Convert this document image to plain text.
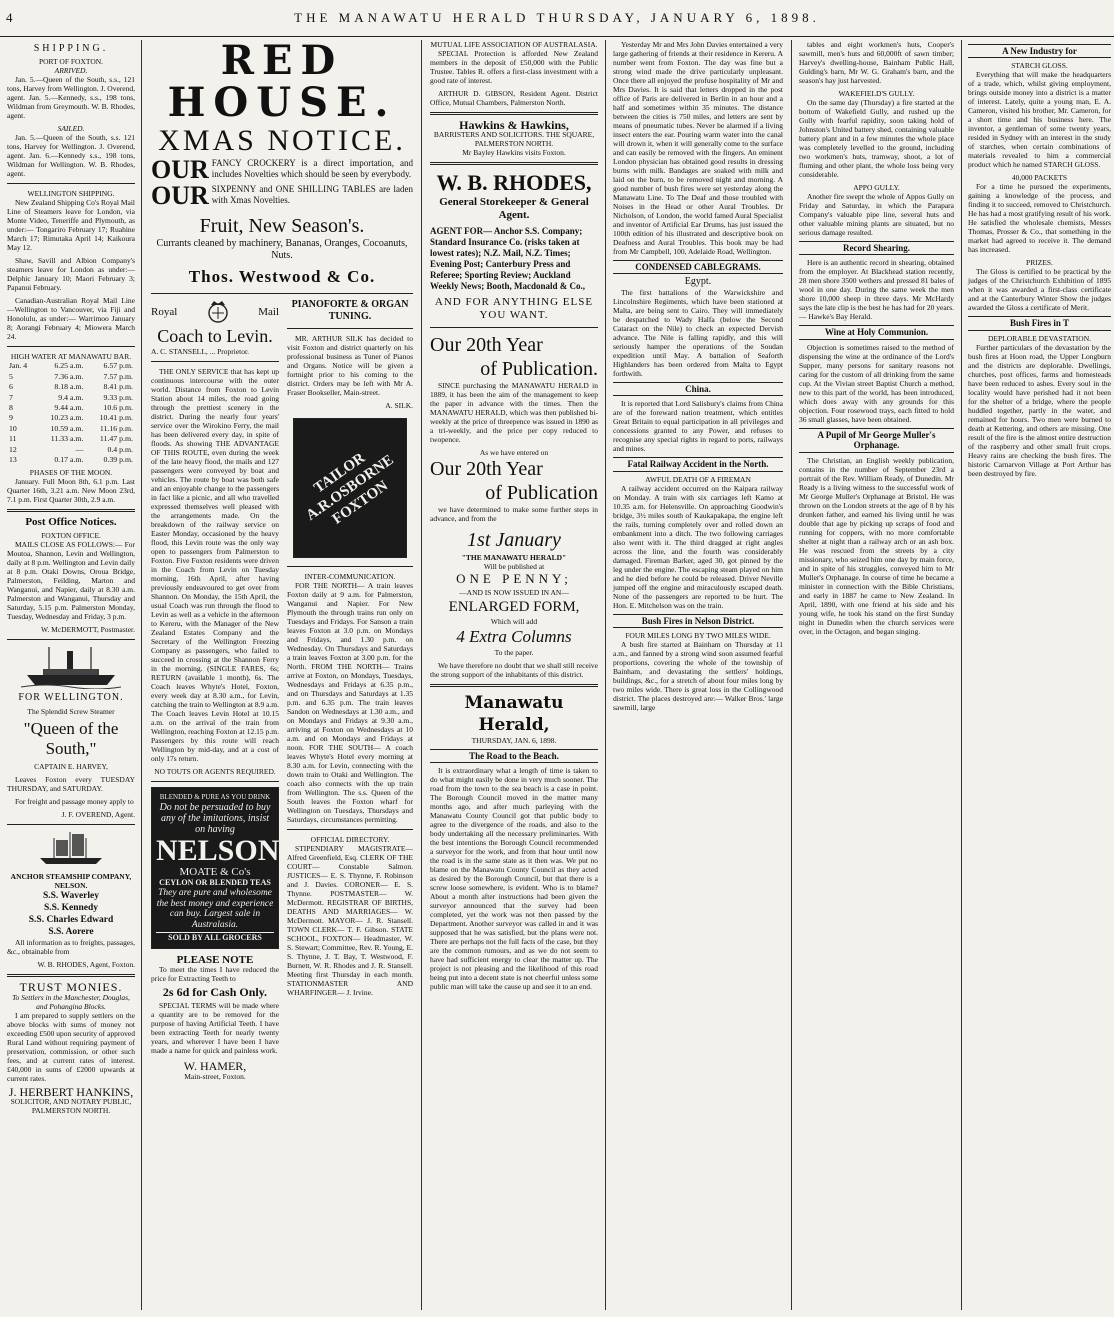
4	THE MANAWATU HERALD THURSDAY, JANUARY 6, 1898.
SHIPPING.
PORT OF FOXTON.
ARRIVED.

Jan. 5.—Queen of the South, s.s., 121 tons, Harvey from Wellington. J. Overend, agent. Jan. 5.—Kennedy, s.s., 198 tons, Wildman from Greymouth. W. B. Rhodes, agent.

SAILED.

Jan. 5.—Queen of the South, s.s. 121 tons, Harvey for Wellington. J. Overend, agent. Jan. 6.—Kennedy s.s., 198 tons, Wildman for Wellington. W. B. Rhodes, agent.

WELLINGTON SHIPPING.

New Zealand Shipping Co's Royal Mail Line of Steamers leave for London, via Monte Video, Teneriffe and Plymouth, as under:— Tongariro February 17; Ruahine March 17; Rimutaka April 14; Kaikoura May 12.

Shaw, Savill and Albion Company's steamers leave for London as under:— Delphic January 10; Maori February 3; Papanui February.

Canadian-Australian Royal Mail Line—Wellington to Vancouver, via Fiji and Honolulu, as under:— Warrimoo January 8; Aorangi February 4; Miowera March 24.

HIGH WATER AT MANAWATU BAR.
Jan. 4	6.25 a.m.	6.57 p.m.
5	7.36 a.m.	7.57 p.m.
6	8.18 a.m.	8.41 p.m.
7	9.4 a.m.	9.33 p.m.
8	9.44 a.m.	10.6 p.m.
9	10.23 a.m.	10.41 p.m.
10	10.59 a.m.	11.16 p.m.
11	11.33 a.m.	11.47 p.m.
12	—	0.4 p.m.
13	0.17 a.m.	0.39 p.m.
PHASES OF THE MOON.

January. Full Moon 8th, 6.1 p.m. Last Quarter 16th, 3.21 a.m. New Moon 23rd, 7.1 p.m. First Quarter 30th, 2.9 a.m.

Post Office Notices.
FOXTON OFFICE.

MAILS CLOSE AS FOLLOWS:— For Moutoa, Shannon, Levin and Wellington, daily at 8 p.m. Wellington and Levin daily at 8 p.m. Otaki Downs, Oroua Bridge, Palmerston, Feilding, Marton and Wanganui, and Napier, daily at 8.30 a.m. Palmerston and Wanganui, Thursday and Saturday, 5.15 p.m. Palmerston Monday, Tuesday, Wednesday and Friday, 3 p.m.

W. McDERMOTT, Postmaster.
FOR WELLINGTON.
The Splendid Screw Steamer
"Queen of the South,"
CAPTAIN E. HARVEY,

Leaves Foxton every TUESDAY THURSDAY, and SATURDAY.

For freight and passage money apply to

J. F. OVEREND, Agent.
ANCHOR STEAMSHIP COMPANY, NELSON.
S.S. Waverley
S.S. Kennedy
S.S. Charles Edward
S.S. Aorere

All information as to freights, passages, &c., obtainable from

W. B. RHODES, Agent, Foxton.
TRUST MONIES.
To Settlers in the Manchester, Douglas, and Pohangina Blocks.

I am prepared to supply settlers on the above blocks with sums of money not exceeding £500 upon security of approved Rural Land without requiring payment of preservation, commission, or other such fees, and at current rates of interest. £40,000 in sums of £2000 upwards at current rates.

J. HERBERT HANKINS,
SOLICITOR, AND NOTARY PUBLIC, PALMERSTON NORTH.
RED HOUSE.
XMAS NOTICE.

OUR FANCY CROCKERY is a direct importation, and includes Novelties which should be seen by everybody.

OUR SIXPENNY and ONE SHILLING TABLES are laden with Xmas Novelties.

Fruit, New Season's.
Currants cleaned by machinery, Bananas, Oranges, Cocoanuts, Nuts.
Thos. Westwood & Co.
Royal	Mail
Coach to Levin.
A. C. STANSELL, ... Proprietor.

THE ONLY SERVICE that has kept up continuous intercourse with the outer world. Distance from Foxton to Levin Station about 14 miles, the road going through the prettiest scenery in the district. During the nearly four years' service over the Wirokino Ferry, the mail has been delivered every day, in spite of floods. As showing THE ADVANTAGE OF THIS ROUTE, even during the week of the late heavy flood, the mails and 127 passengers were conveyed by boat and vehicles. The route by boat was both safe and an enjoyable change to the passengers in fact like a picnic, and all who travelled expressed themselves well pleased with the arrangements made. On the breakdown of the railway service on Easter Monday, occasioned by the heavy flood, this Levin route was the only way open to passengers from Palmerston to Foxton. Five Foxton residents were driven in the Coach from Levin on Tuesday morning, 16th April, after having previously endeavoured to get over from Shannon. On Monday, the 15th April, the usual Coach was run through the flood to Levin as well as a vehicle in the afternoon to Kereru, with the Manager of the New Zealand Estates Company and the Secretary of the Wellington Freezing Company as passengers, who failed to succeed in crossing at the Shannon Ferry in the morning. (SINGLE FARES, 6s; RETURN (available 1 month), 6s. The Coach leaves Whyte's Hotel, Foxton, every week day at 8.30 a.m., for Levin, catching the train to Wellington at 8.9 a.m. The Coach leaves Levin Hotel at 10.15 a.m. on the arrival of the train from Wellington, reaching Foxton at 12.15 p.m. Passengers by this route will reach Wellington by mid-day, and at a cost of only 17s return.

NO TOUTS OR AGENTS REQUIRED.
BLENDED & PURE AS YOU DRINK
Do not be persuaded to buy any of the imitations, insist on having
NELSON
MOATE & Co's
CEYLON OR BLENDED TEAS
They are pure and wholesome the best money and experience can buy. Largest sale in Australasia.
SOLD BY ALL GROCERS
PLEASE NOTE

To meet the times I have reduced the price for Extracting Teeth to

2s 6d for Cash Only.

SPECIAL TERMS will be made where a quantity are to be removed for the purpose of having Artificial Teeth. I have been extracting Teeth for nearly twenty years, and wherever I have been I have made a name for quick and painless work.

W. HAMER,
Main-street, Foxton.
PIANOFORTE & ORGAN TUNING.

MR. ARTHUR SILK has decided to visit Foxton and district quarterly on his professional business as Tuner of Pianos and Organs. Notice will be given a fortnight prior to his coming to the district. Orders may be left with Mr A. Fraser Bookseller, Main-street.

A. SILK.
TAILOR A.R.OSBORNE FOXTON
INTER-COMMUNICATION.

FOR THE NORTH— A train leaves Foxton daily at 9 a.m. for Palmerston, Wanganui and Napier. For New Plymouth the through trains run only on Tuesdays and Fridays. For Sanson a train leaves Foxton at 3.0 p.m. on Mondays and Fridays, and 1.30 p.m. on Wednesday. On Thursdays and Saturdays a train leaves Foxton at 3.00 p.m. for the North. FROM THE NORTH— Trains arrive at Foxton, on Mondays, Tuesdays, Wednesdays and Fridays at 6.35 p.m., and on Thursdays and Saturdays at 1.35 p.m. and 6.35 p.m. The train leaves Sandon on Wednesdays at 1.30 a.m., and on Mondays and Fridays at 9.30 a.m., arriving at Foxton on Wednesdays at 10 a.m. and on Mondays and Fridays at noon. FOR THE SOUTH— A coach leaves Whyte's Hotel every morning at 8.30 a.m. for Levin, connecting with the down train to Otaki and Wellington. The coach also connects with the up train from Wellington. The s.s. Queen of the South leaves the Foxton wharf for Wellington on Tuesdays, Thursdays and Saturdays, circumstances permitting.

OFFICIAL DIRECTORY.

STIPENDIARY MAGISTRATE— Alfred Greenfield, Esq. CLERK OF THE COURT— Constable Salmon. JUSTICES— E. S. Thynne, F. Robinson and J. Davies. CORONER— E. S. Thynne. POSTMASTER— W. McDermott. REGISTRAR OF BIRTHS, DEATHS AND MARRIAGES— W. McDermott. MAYOR— J. R. Stansell. TOWN CLERK— T. F. Gibson. STATE SCHOOL, FOXTON— Headmaster, W. S. Stewart; Committee, Rev. R. Young, E. S. Thynne, J. T. Bay, T. Westwood, F. Burnett, W. R. Rhodes and J. R. Stansell. Meeting first Thursday in each month. STATIONMASTER AND WHARFINGER— J. Irvine.

MUTUAL LIFE ASSOCIATION OF AUSTRALASIA.

SPECIAL Protection is afforded New Zealand members in the deposit of £50,000 with the Public Trustee. Tables R. offers a first-class investment with a good rate of interest.

ARTHUR D. GIBSON, Resident Agent. District Office, Mutual Chambers, Palmerston North.

Hawkins & Hawkins,
BARRISTERS AND SOLICITORS. THE SQUARE, PALMERSTON NORTH.
Mr Bayley Hawkins visits Foxton.
W. B. RHODES,
General Storekeeper & General Agent.
AGENT FOR— Anchor S.S. Company; Standard Insurance Co. (risks taken at lowest rates); N.Z. Mail, N.Z. Times; Evening Post; Canterbury Press and Referee; Sporting Review; Auckland Weekly News; Booth, Macdonald & Co.,
AND FOR ANYTHING ELSE YOU WANT.
Our 20th Year
of Publication.

SINCE purchasing the MANAWATU HERALD in 1889, it has been the aim of the management to keep the paper in advance with the times. Then the MANAWATU HERALD, which was then published bi-weekly at the price of threepence was issued in 1890 as a tri-weekly, and the price per copy reduced to twopence.

As we have entered on
Our 20th Year
of Publication

we have determined to make some further steps in advance, and from the

1st January
"THE MANAWATU HERALD"
Will be published at
ONE PENNY;
—AND IS NOW ISSUED IN AN—
ENLARGED FORM,
Which will add
4 Extra Columns
To the paper.

We have therefore no doubt that we shall still receive the strong support of the inhabitants of this district.

Manawatu Herald,
THURSDAY, JAN. 6, 1898.
The Road to the Beach.

It is extraordinary what a length of time is taken to do what might easily be done in very much sooner. The road from the town to the sea beach is a case in point. The Borough Council moved in the matter many months ago, and after much parleying with the Manawatu County Council got that public body to agree to the divergence of the roads, and also to the body undertaking all the necessary preliminaries. With the best intentions the Borough Council recommended a surveyor for the work, and from that hour until now the road is in the same state as it then was. We put no blame on the Manawatu County Council as they acted as desired by the Borough Council, but that there is a screw loose somewhere, is evident. Who is to blame? About a month after instructions had been given the surveyor announced that the survey had been completed, yet the work was not then passed by the Department. Another surveyor was called in and it was supposed that he was satisfied, but the plans were not. There are perhaps not the full facts of the case, but they are the common rumours, and as we do not seem to have had sufficient energy to clear the matter up. The project is not pleasing and the likelihood of this road being put into a decent state is not cheerful unless some public man will take the cause up and see it to an end.

Yesterday Mr and Mrs John Davies entertained a very large gathering of friends at their residence in Kereru. A number went from Foxton. The day was fine but a strong wind made the drive particularly unpleasant. Once there all enjoyed the profuse hospitality of Mr and Mrs Davies. It is said that letters dropped in the post office of Paris are delivered in Berlin in an hour and a half and sometimes within 35 minutes. The distance between the cities is 750 miles, and letters are sent by means of pneumatic tubes. Never be alarmed if a living insect enters the ear. Pouring warm water into the canal will drown it, when it will generally come to the surface and can easily be removed with the fingers. An eminent London physician has obtained good results in dressing burns with milk. Bandages are soaked with milk and laid on the burn, to be removed night and morning. A good number of bush fires were set yesterday along the Manawatu Line. To The Deaf and those troubled with Noises in the Head or other Aural Troubles. Dr Nicholson, of London, the world famed Aural Specialist and inventor of Artificial Ear Drums, has just issued the 100th edition of his illustrated and descriptive book on Deafness and Aural Troubles. This book may be had from Mr Campbell, 100, Adelaide Road, Wellington.

CONDENSED CABLEGRAMS.
Egypt.

The first battalions of the Warwickshire and Lincolnshire Regiments, which have been stationed at Malta, are being sent to Cairo. They will immediately be despatched to Wady Halfa (below the Second Cataract on the Nile) to check an expected Dervish advance. The Nile is falling rapidly, and this will seriously hamper the operations of the Soudan expedition until May. A battalion of Seaforth Highlanders has been ordered from Malta to Egypt forthwith.

China.

It is reported that Lord Salisbury's claims from China are of the foreward nation treatment, which entitles Great Britain to equal participation in all privileges and concessions granted to any Power, and refuses to recognise any special rights in regard to ports, railways and mines.

Fatal Railway Accident in the North.
AWFUL DEATH OF A FIREMAN

A railway accident occurred on the Kaipara railway on Monday. A train with six carriages left Kamo at 10.35 a.m. for Helensville. On approaching Goodwin's bridge, 3½ miles south of Kaukapakapa, the engine left the rails, turning completely over and rolled down an embankment into a ditch. The two following carriages also went with it. The third dragged at right angles across the line, and the fourth was considerably damaged. Fireman Barker, aged 30, got pinned by the leg under the engine. The escaping steam played on him and he died before he could be released. Driver Neville jumped off the engine and miraculously escaped death. None of the passengers are reported to be hurt. The Hon. E. Mitchelson was on the train.

Bush Fires in Nelson District.
FOUR MILES LONG BY TWO MILES WIDE.

A bush fire started at Bainham on Thursday at 11 a.m., and fanned by a strong wind soon assumed fearful proportions, covering the whole of the township of Bainham, and devastating the settlers' holdings, buildings, &c., for a stretch of about four miles long by two miles wide. There is great loss in the Collingwood district. The places destroyed are:— Walker Bros.' large sawmill, large

tables and eight workmen's huts, Cooper's sawmill, men's huts and 60,000ft of sawn timber; Harvey's dwelling-house, Bainham Public Hall, Gulding's barn, Mr W. G. Graham's barn, and the season's hay just harvested.

WAKEFIELD'S GULLY.

On the same day (Thursday) a fire started at the bottom of Wakefield Gully, and rushed up the Gully with fearful rapidity, soon taking hold of Johnston's United battery shed, containing valuable battery plant and in a few minutes the whole place was completely levelled to the ground, including two workmen's huts, tramway, shoot, a lot of fluming and other plant, the whole loss being very considerable.

APPO GULLY.

Another fire swept the whole of Appos Gully on Friday and Saturday, in which the Parapara Company's valuable pipe line, several huts and other valuable mining plants are situated, but no serious damage resulted.

Record Shearing.

Here is an authentic record in shearing, obtained from the employer. At Blackhead station recently, 28 men shore 3500 wethers and pressed 81 bales of wool in one day. During the same week the men shore 10,000 sheep in three days. Mr McHardy says the late clip is the best he has had for 20 years.— Hawke's Bay Herald.

Wine at Holy Communion.

Objection is sometimes raised to the method of dispensing the wine at the ordinance of the Lord's Supper, many persons for sanitary reasons not caring for the custom of all drinking from the same cup. At the Vivian street Baptist Church a method, new to this part of the world, has been introduced, which does away with any grounds for this objection. Four rosewood trays, each fitted to hold 36 small glasses, have been obtained.

A Pupil of Mr George Muller's Orphanage.

The Christian, an English weekly publication, contains in the number of September 23rd a portrait of the Rev. William Ready, of Dunedin. Mr Ready is a living witness to the successful work of Mr George Muller's Orphanage at Bristol. He was thrown on the London streets at the age of 8 by his drunken father, and earned his living until he was double that age by picking up scraps of food and running for coppers, with no more comfortable shelter at night than a railway arch or an ash box. He was rescued from the streets by a city missionary, who seized him one day by main force, and in spite of his struggles, conveyed him to Mr Muller's Orphanage. In course of time he became a minister in connection with the Bible Christians, and early in 1887 he came to New Zealand. In April, 1890, with one friend at his side and his young wife, he took his stand on the first Sunday night in Dunedin when the church services were over, in the Octagon, and began singing.

A New Industry for
STARCH GLOSS.

Everything that will make the headquarters of a trade, which, whilst giving employment, brings outside money into a district is a matter of interest. Lately, quite a young man, E. A. Cameron, visited his brother, Mr. Cameron, for a short time and his business here. The inventor, a gentleman of some twenty years, resided in Sydney with an interest in the study of starches, when certain combinations of materials revealed to him a commercial product which he named STARCH GLOSS.

40,000 PACKETS

For a time he pursued the experiments, gaining a knowledge of the process, and finding it to succeed, removed to Christchurch. He has had a most gratifying result of his work. He satisfied the wholesale chemists, Messrs Thomas, Prosser & Co., that something in the market had agreed to receive it. The demand has increased.

PRIZES.

The Gloss is certified to be practical by the judges of the Christchurch Exhibition of 1895 when it was awarded a first-class certificate and at the Canterbury Winter Show the judges awarded the Gloss a certificate of Merit.

Bush Fires in T
DEPLORABLE DEVASTATION.

Further particulars of the devastation by the bush fires at Hoon road, the Upper Longburn and the districts are deplorable. Dwellings, churches, post offices, farms and homesteads have been reduced to ashes. Every soul in the locality would have perished had it not been for the shelter of a bridge, where the people huddled together, partly in the water, and remained for hours. Two men were burned to death at Kettering, and others are missing. One result of the fire is the almost entire destruction of the raspberry and other small fruit crops. Heavy rains are checking the bush fires. The historic Carnarvon Village at Port Arthur has been destroyed by fire.
